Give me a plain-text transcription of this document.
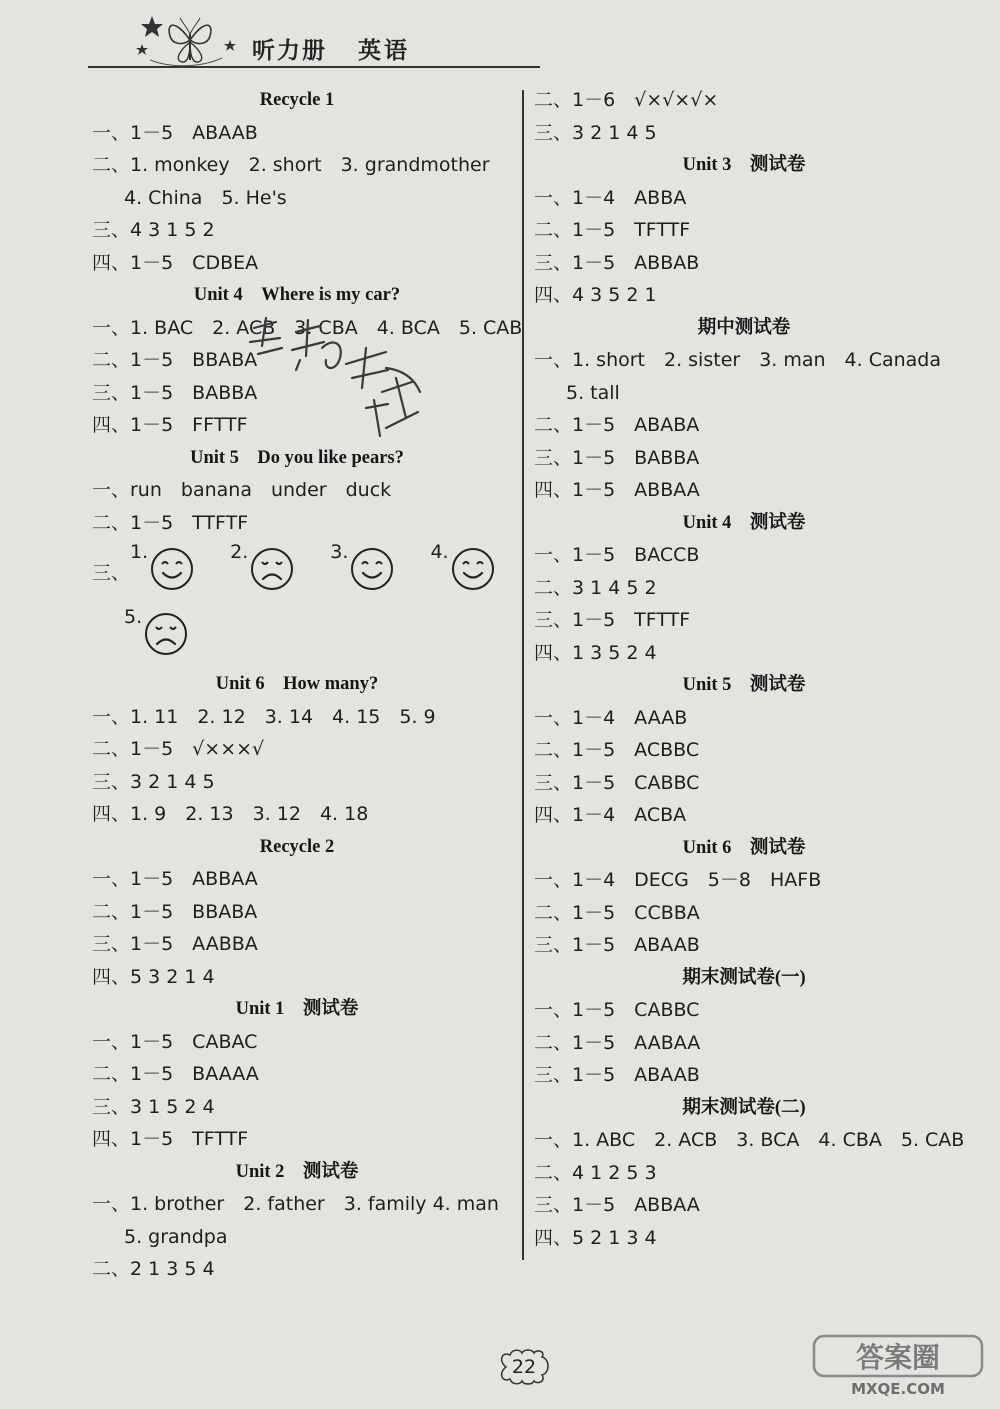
听力册 英语
Recycle 1
一、1－5　ABAAB
二、1. monkey　2. short　3. grandmother
4. China　5. He's
三、4 3 1 5 2
四、1－5　CDBEA
Unit 4　Where is my car?
一、1. BAC　2. ACB　3. CBA　4. BCA　5. CAB
二、1－5　BBABA
三、1－5　BABBA
四、1－5　FFTTF
Unit 5　Do you like pears?
一、run　banana　under　duck
二、1－5　TTFTF
三、
1.	2.	3.	4.
5.
Unit 6　How many?
一、1. 11　2. 12　3. 14　4. 15　5. 9
二、1－5　√×××√
三、3 2 1 4 5
四、1. 9　2. 13　3. 12　4. 18
Recycle 2
一、1－5　ABBAA
二、1－5　BBABA
三、1－5　AABBA
四、5 3 2 1 4
Unit 1　测试卷
一、1－5　CABAC
二、1－5　BAAAA
三、3 1 5 2 4
四、1－5　TFTTF
Unit 2　测试卷
一、1. brother　2. father　3. family 4. man
5. grandpa
二、2 1 3 5 4
二、1－6　√×√×√×
三、3 2 1 4 5
Unit 3　测试卷
一、1－4　ABBA
二、1－5　TFTTF
三、1－5　ABBAB
四、4 3 5 2 1
期中测试卷
一、1. short　2. sister　3. man　4. Canada
5. tall
二、1－5　ABABA
三、1－5　BABBA
四、1－5　ABBAA
Unit 4　测试卷
一、1－5　BACCB
二、3 1 4 5 2
三、1－5　TFTTF
四、1 3 5 2 4
Unit 5　测试卷
一、1－4　AAAB
二、1－5　ACBBC
三、1－5　CABBC
四、1－4　ACBA
Unit 6　测试卷
一、1－4　DECG　5－8　HAFB
二、1－5　CCBBA
三、1－5　ABAAB
期末测试卷(一)
一、1－5　CABBC
二、1－5　AABAA
三、1－5　ABAAB
期末测试卷(二)
一、1. ABC　2. ACB　3. BCA　4. CBA　5. CAB
二、4 1 2 5 3
三、1－5　ABBAA
四、5 2 1 3 4
22	答案圈
MXQE.COM
